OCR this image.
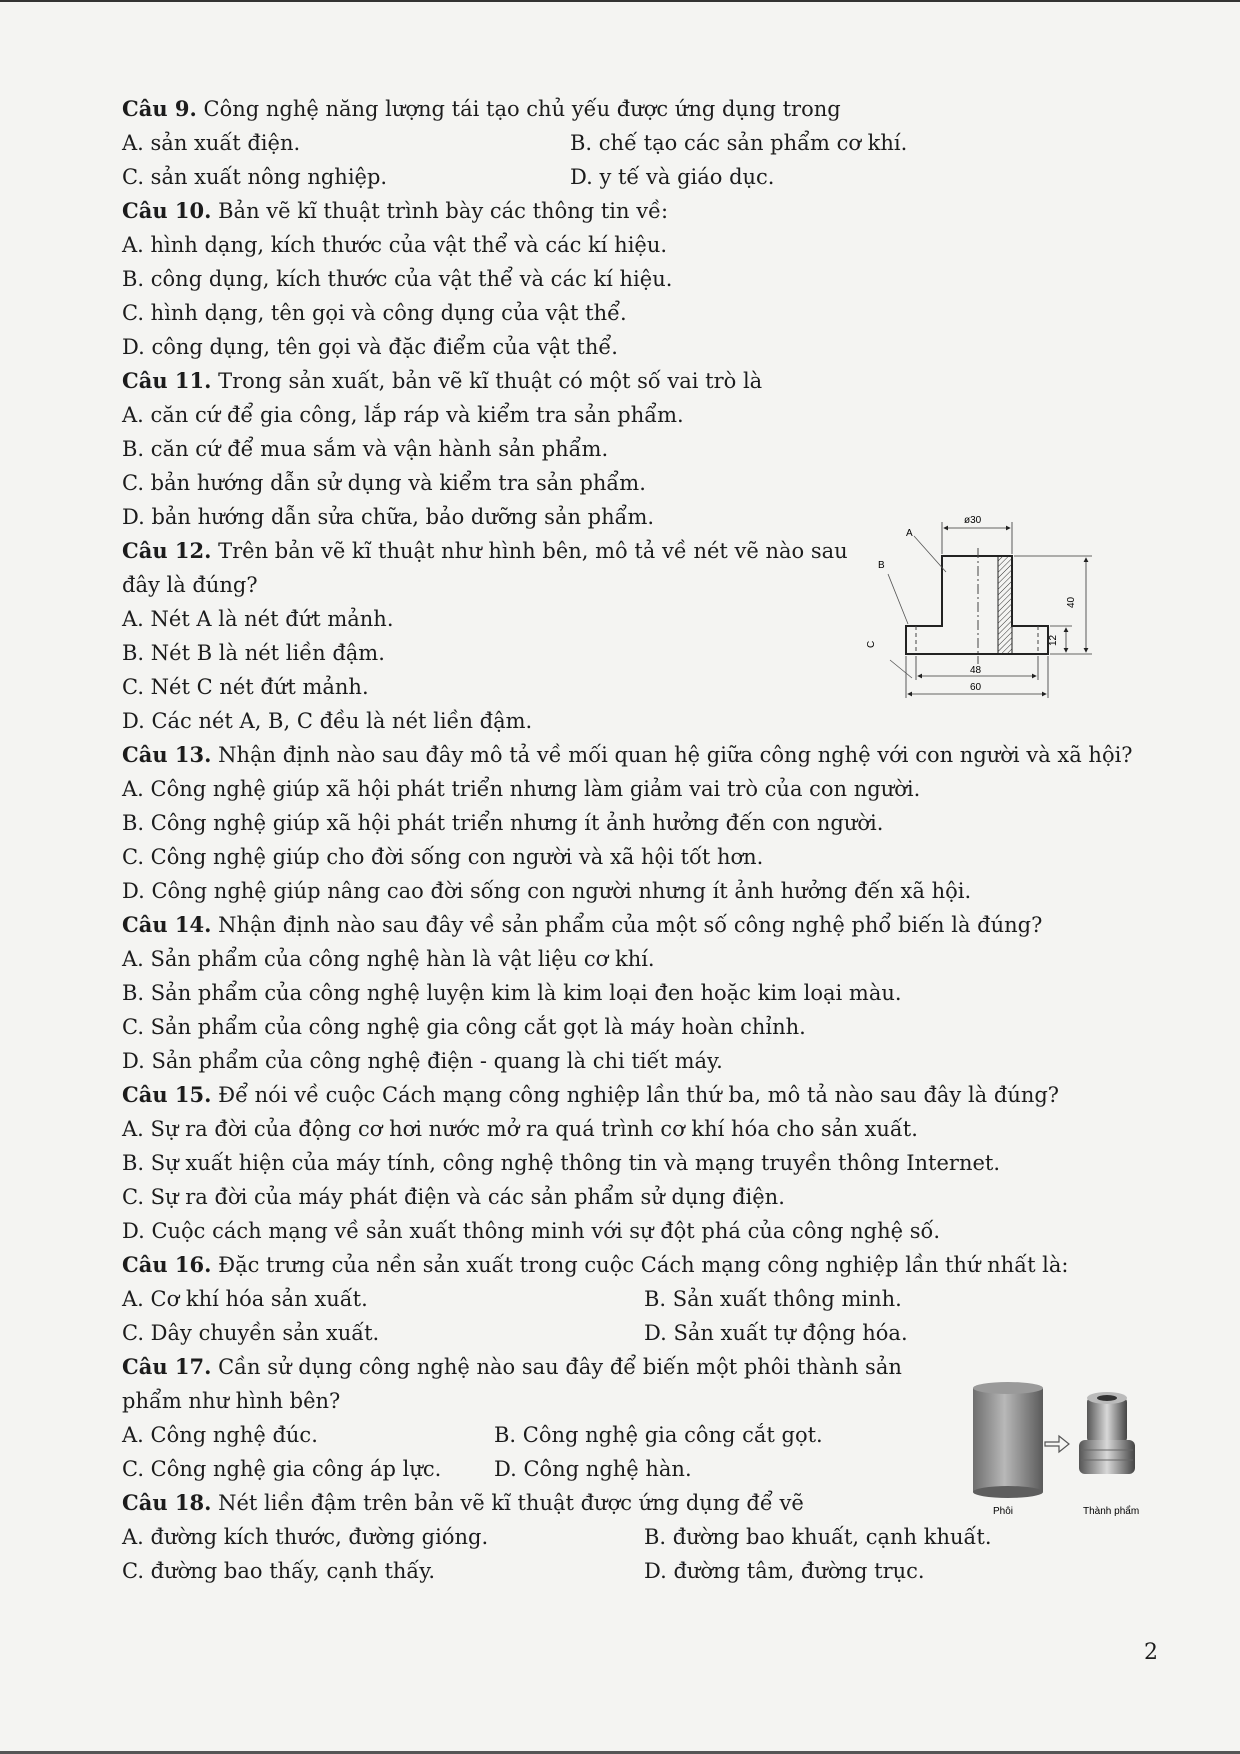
Câu 9. Công nghệ năng lượng tái tạo chủ yếu được ứng dụng trong
A. sản xuất điện.	B. chế tạo các sản phẩm cơ khí.
C. sản xuất nông nghiệp.	D. y tế và giáo dục.
Câu 10. Bản vẽ kĩ thuật trình bày các thông tin về:
A. hình dạng, kích thước của vật thể và các kí hiệu.
B. công dụng, kích thước của vật thể và các kí hiệu.
C. hình dạng, tên gọi và công dụng của vật thể.
D. công dụng, tên gọi và đặc điểm của vật thể.
Câu 11. Trong sản xuất, bản vẽ kĩ thuật có một số vai trò là
A. căn cứ để gia công, lắp ráp và kiểm tra sản phẩm.
B. căn cứ để mua sắm và vận hành sản phẩm.
C. bản hướng dẫn sử dụng và kiểm tra sản phẩm.
D. bản hướng dẫn sửa chữa, bảo dưỡng sản phẩm.
Câu 12. Trên bản vẽ kĩ thuật như hình bên, mô tả về nét vẽ nào sau đây là đúng?
A. Nét A là nét đứt mảnh.
B. Nét B là nét liền đậm.
C. Nét C nét đứt mảnh.
D. Các nét A, B, C đều là nét liền đậm.
Câu 13. Nhận định nào sau đây mô tả về mối quan hệ giữa công nghệ với con người và xã hội?
A. Công nghệ giúp xã hội phát triển nhưng làm giảm vai trò của con người.
B. Công nghệ giúp xã hội phát triển nhưng ít ảnh hưởng đến con người.
C. Công nghệ giúp cho đời sống con người và xã hội tốt hơn.
D. Công nghệ giúp nâng cao đời sống con người nhưng ít ảnh hưởng đến xã hội.
Câu 14. Nhận định nào sau đây về sản phẩm của một số công nghệ phổ biến là đúng?
A. Sản phẩm của công nghệ hàn là vật liệu cơ khí.
B. Sản phẩm của công nghệ luyện kim là kim loại đen hoặc kim loại màu.
C. Sản phẩm của công nghệ gia công cắt gọt là máy hoàn chỉnh.
D. Sản phẩm của công nghệ điện - quang là chi tiết máy.
Câu 15. Để nói về cuộc Cách mạng công nghiệp lần thứ ba, mô tả nào sau đây là đúng?
A. Sự ra đời của động cơ hơi nước mở ra quá trình cơ khí hóa cho sản xuất.
B. Sự xuất hiện của máy tính, công nghệ thông tin và mạng truyền thông Internet.
C. Sự ra đời của máy phát điện và các sản phẩm sử dụng điện.
D. Cuộc cách mạng về sản xuất thông minh với sự đột phá của công nghệ số.
Câu 16. Đặc trưng của nền sản xuất trong cuộc Cách mạng công nghiệp lần thứ nhất là:
A. Cơ khí hóa sản xuất.	B. Sản xuất thông minh.
C. Dây chuyền sản xuất.	D. Sản xuất tự động hóa.
Câu 17. Cần sử dụng công nghệ nào sau đây để biến một phôi thành sản phẩm như hình bên?
A. Công nghệ đúc.	B. Công nghệ gia công cắt gọt.
C. Công nghệ gia công áp lực.	D. Công nghệ hàn.
Câu 18. Nét liền đậm trên bản vẽ kĩ thuật được ứng dụng để vẽ
A. đường kích thước, đường gióng.	B. đường bao khuất, cạnh khuất.
C. đường bao thấy, cạnh thấy.	D. đường tâm, đường trục.
ø30
40
12
48
60
A
B
C
Phôi	Thành phẩm
2
